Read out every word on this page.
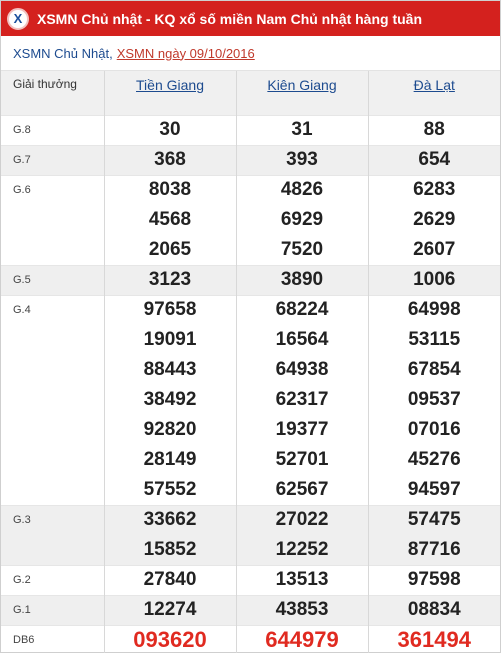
X XSMN Chủ nhật - KQ xổ số miền Nam Chủ nhật hàng tuần
XSMN Chủ Nhật, XSMN ngày 09/10/2016
Giải thưởng	Tiền Giang	Kiên Giang	Đà Lạt
G.8	30	31	88
G.7	368	393	654
G.6	8038	4826	6283
	4568	6929	2629
	2065	7520	2607
G.5	3123	3890	1006
G.4	97658	68224	64998
	19091	16564	53115
	88443	64938	67854
	38492	62317	09537
	92820	19377	07016
	28149	52701	45276
	57552	62567	94597
G.3	33662	27022	57475
	15852	12252	87716
G.2	27840	13513	97598
G.1	12274	43853	08834
DB6	093620	644979	361494
